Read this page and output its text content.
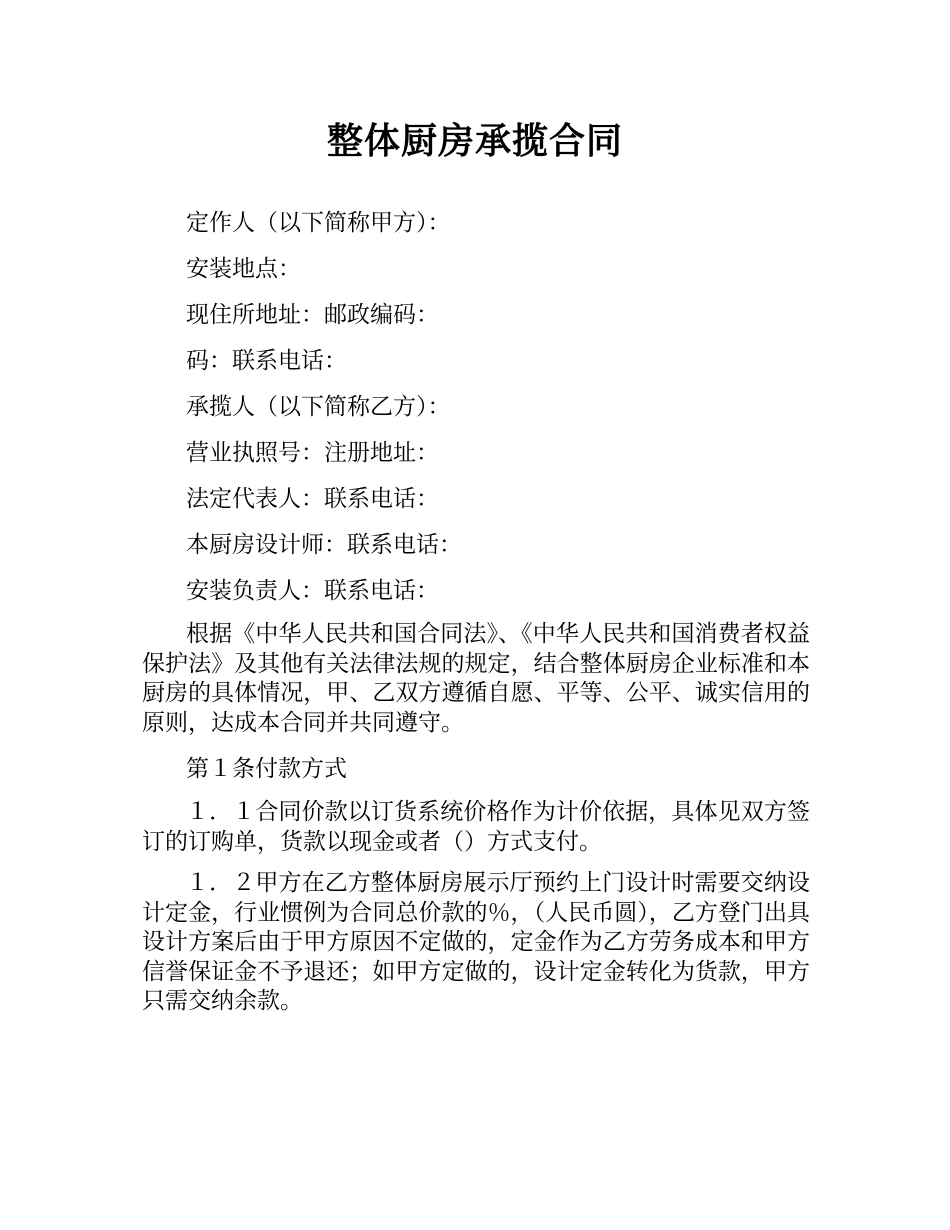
整体厨房承揽合同
定作人（以下简称甲方）：
安装地点：
现住所地址：邮政编码：
码：联系电话：
承揽人（以下简称乙方）：
营业执照号：注册地址：
法定代表人：联系电话：
本厨房设计师：联系电话：
安装负责人：联系电话：
根据《中华人民共和国合同法》、《中华人民共和国消费者权益保护法》及其他有关法律法规的规定，结合整体厨房企业标准和本厨房的具体情况，甲、乙双方遵循自愿、平等、公平、诚实信用的原则，达成本合同并共同遵守。
第１条付款方式
１．１合同价款以订货系统价格作为计价依据，具体见双方签订的订购单，货款以现金或者（）方式支付。
１．２甲方在乙方整体厨房展示厅预约上门设计时需要交纳设计定金，行业惯例为合同总价款的％，（人民币圆），乙方登门出具设计方案后由于甲方原因不定做的，定金作为乙方劳务成本和甲方信誉保证金不予退还；如甲方定做的，设计定金转化为货款，甲方只需交纳余款。
